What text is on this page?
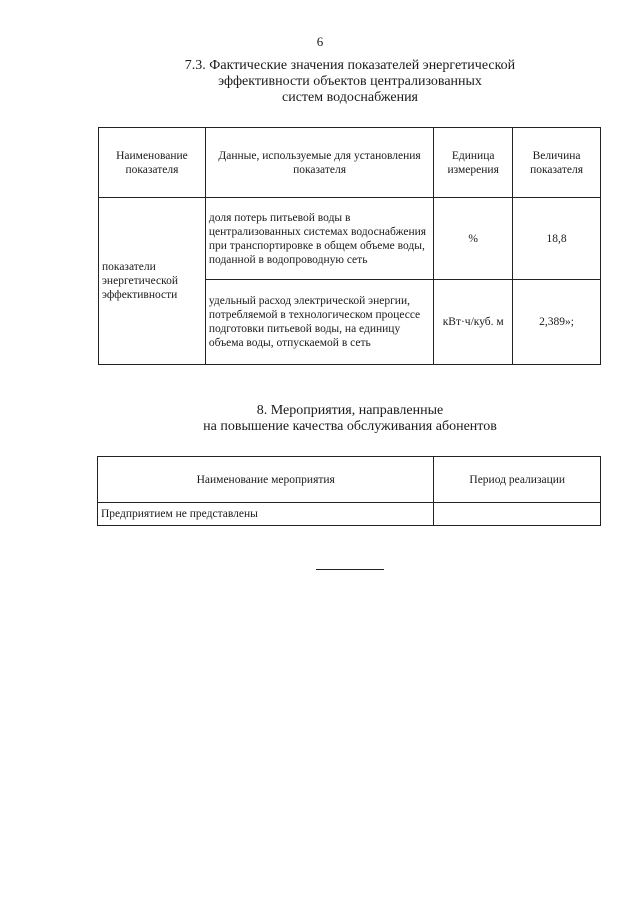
6
7.3. Фактические значения показателей энергетической
эффективности объектов централизованных
систем водоснабжения
Наименование показателя	Данные, используемые для установления показателя	Единица измерения	Величина показателя
показатели энергетической эффективности	доля потерь питьевой воды в централизованных системах водоснабжения при транспортировке в общем объеме воды, поданной в водопроводную сеть	%	18,8
	удельный расход электрической энергии, потребляемой в технологическом процессе подготовки питьевой воды, на единицу объема воды, отпускаемой в сеть	кВт·ч/куб. м	2,389»;
8. Мероприятия, направленные
на повышение качества обслуживания абонентов
Наименование мероприятия	Период реализации
Предприятием не представлены	
